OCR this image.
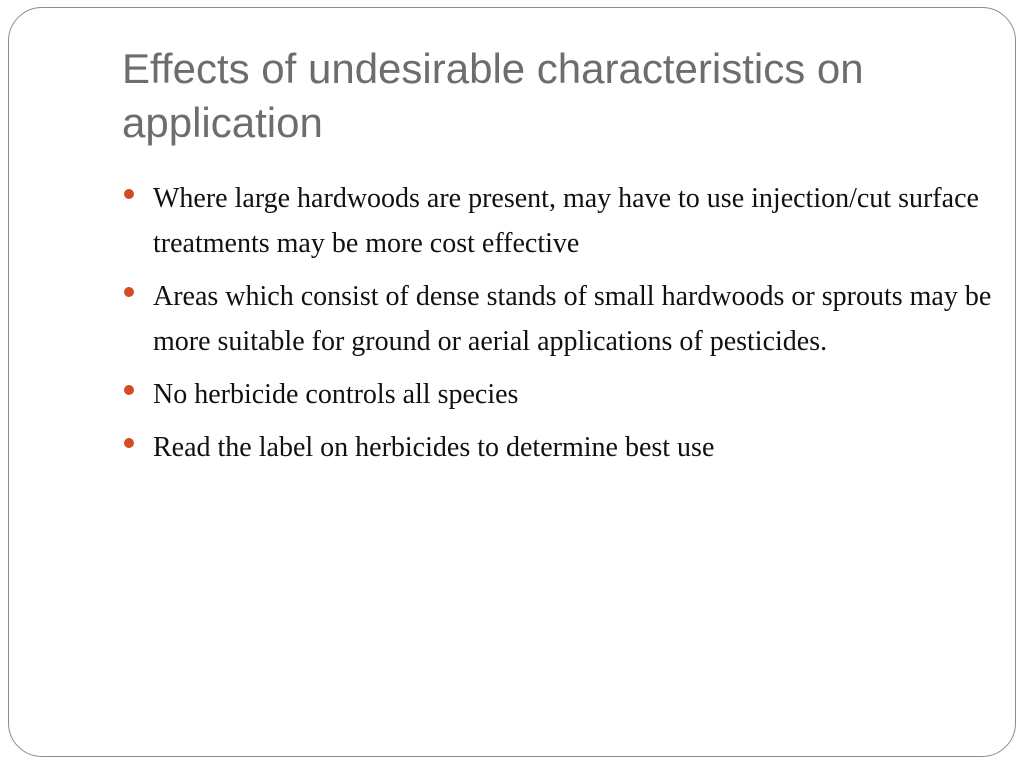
Effects of undesirable characteristics on application
Where large hardwoods are present, may have to use injection/cut surface treatments may be more cost effective
Areas which consist of dense stands of small hardwoods or sprouts may be more suitable for ground or aerial applications of pesticides.
No herbicide controls all species
Read the label on herbicides to determine best use
